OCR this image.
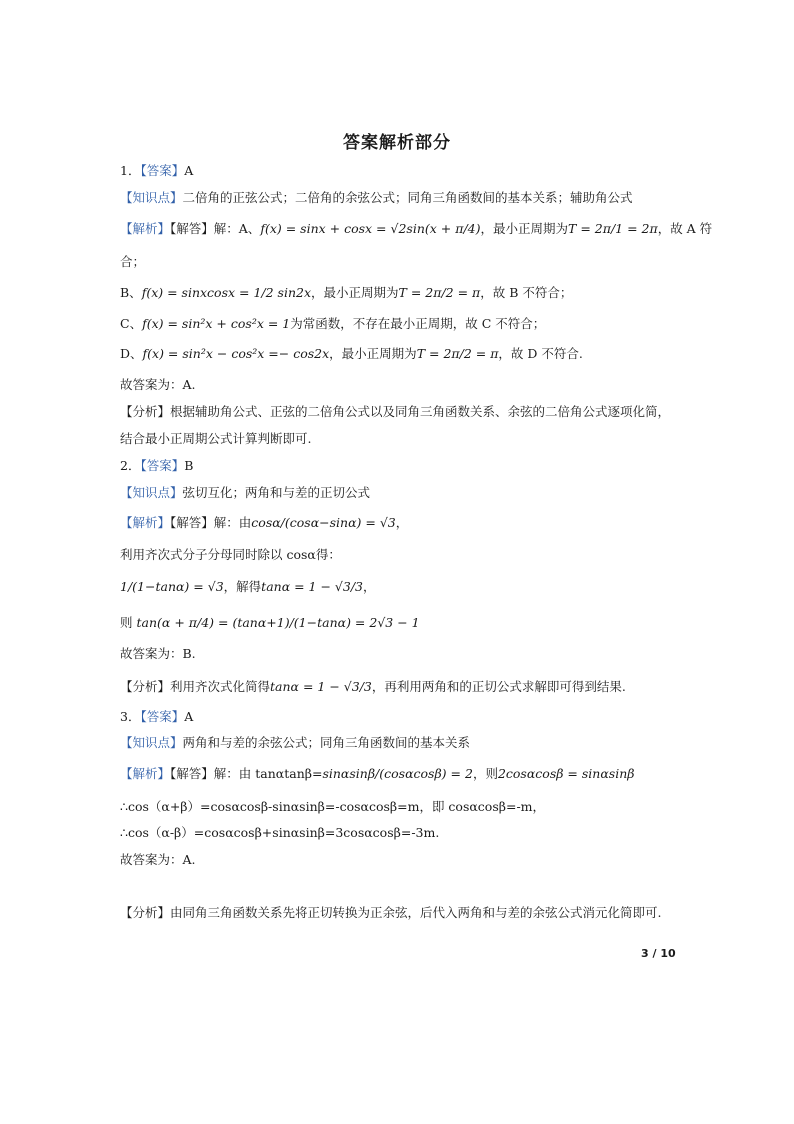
答案解析部分
1．【答案】A
【知识点】二倍角的正弦公式；二倍角的余弦公式；同角三角函数间的基本关系；辅助角公式
【解析】【解答】解：A、f(x) = sinx + cosx = √2sin(x + π/4)，最小正周期为T = 2π/1 = 2π，故 A 符
合；
B、f(x) = sinxcosx = 1/2 sin2x，最小正周期为T = 2π/2 = π，故 B 不符合；
C、f(x) = sin²x + cos²x = 1为常函数，不存在最小正周期，故 C 不符合；
D、f(x) = sin²x − cos²x =− cos2x，最小正周期为T = 2π/2 = π，故 D 不符合.
故答案为：A.
【分析】根据辅助角公式、正弦的二倍角公式以及同角三角函数关系、余弦的二倍角公式逐项化简，
结合最小正周期公式计算判断即可.
2．【答案】B
【知识点】弦切互化；两角和与差的正切公式
【解析】【解答】解：由cosα/(cosα−sinα) = √3，
利用齐次式分子分母同时除以 cosα得：
1/(1−tanα) = √3，解得tanα = 1 − √3/3，
则 tan(α + π/4) = (tanα+1)/(1−tanα) = 2√3 − 1
故答案为：B.
【分析】利用齐次式化简得tanα = 1 − √3/3，再利用两角和的正切公式求解即可得到结果.
3．【答案】A
【知识点】两角和与差的余弦公式；同角三角函数间的基本关系
【解析】【解答】解：由 tanαtanβ=sinαsinβ/(cosαcosβ) = 2，则2cosαcosβ = sinαsinβ
∴cos（α+β）=cosαcosβ-sinαsinβ=-cosαcosβ=m，即 cosαcosβ=-m，
∴cos（α-β）=cosαcosβ+sinαsinβ=3cosαcosβ=-3m.
故答案为：A.
【分析】由同角三角函数关系先将正切转换为正余弦，后代入两角和与差的余弦公式消元化简即可.
3 / 10
